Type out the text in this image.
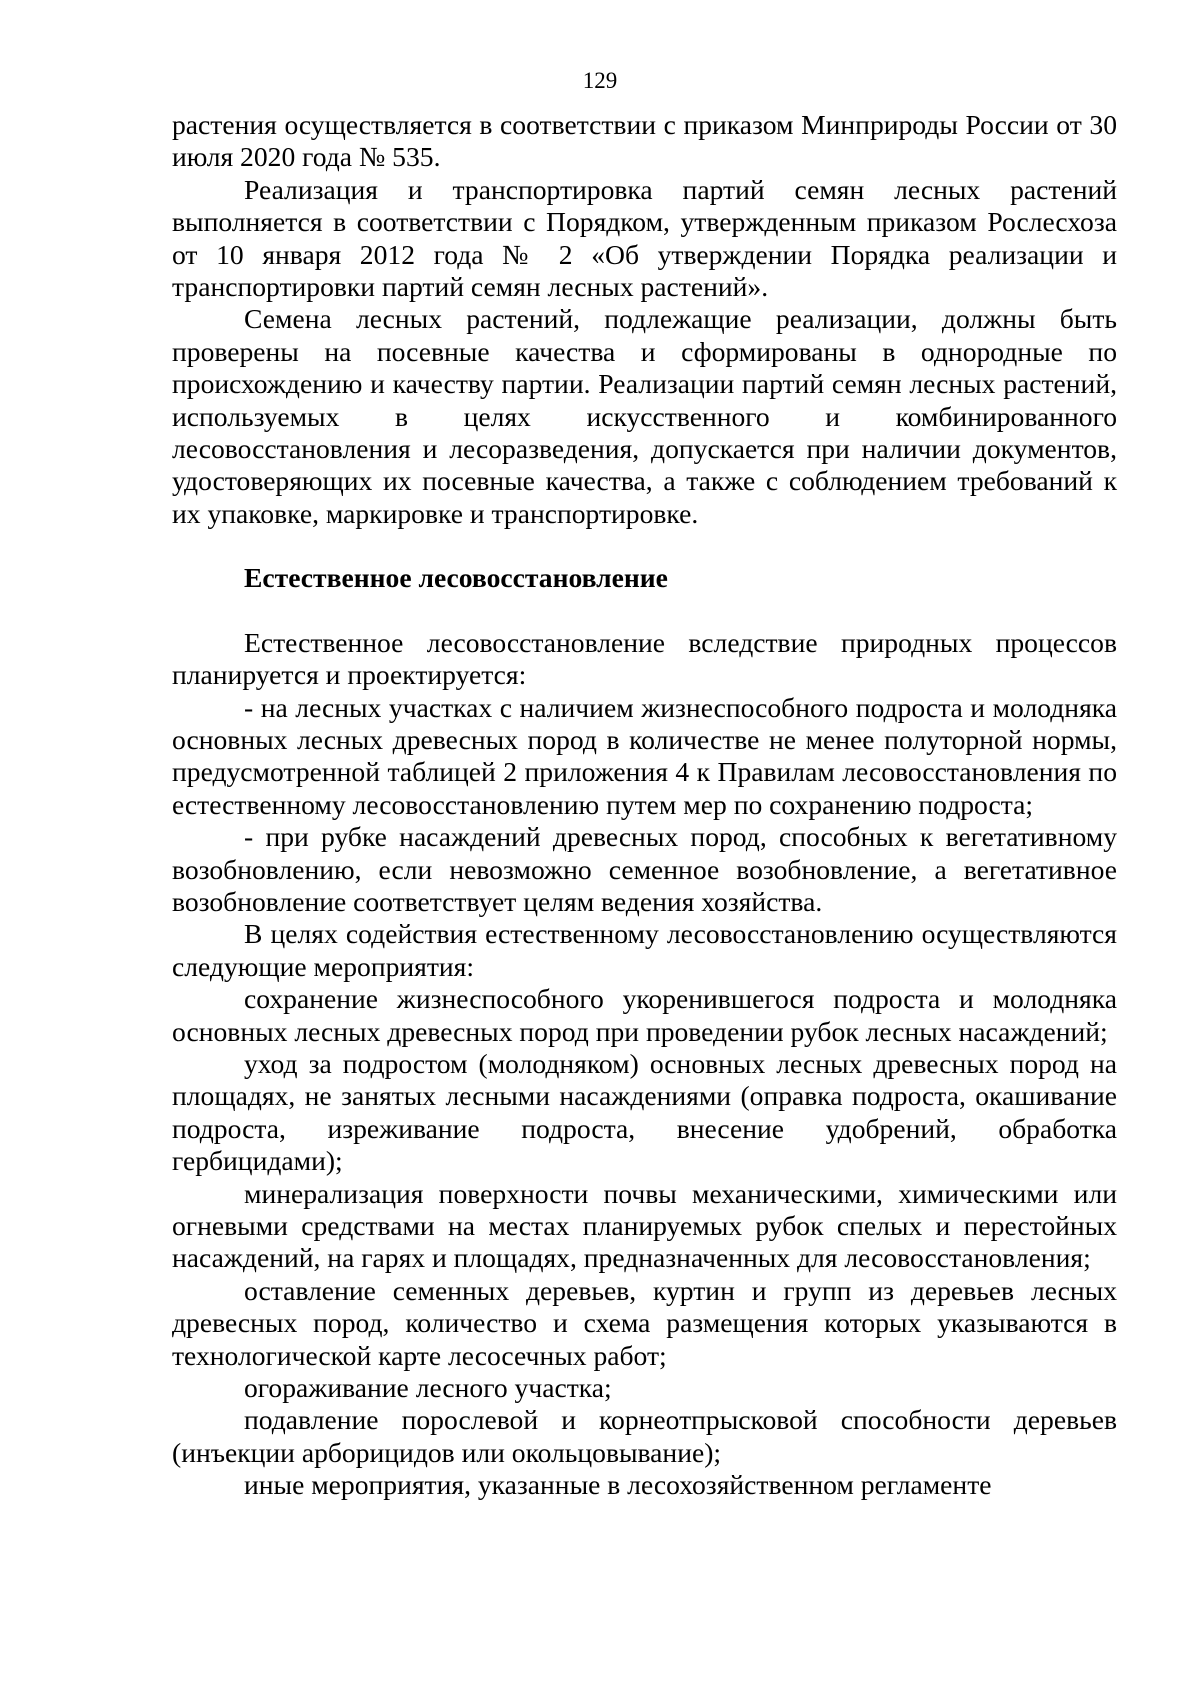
129

растения осуществляется в соответствии с приказом Минприроды России от 30 июля 2020 года № 535.

Реализация и транспортировка партий семян лесных растений выполняется в соответствии с Порядком, утвержденным приказом Рослесхоза от 10 января 2012 года № 2 «Об утверждении Порядка реализации и транспортировки партий семян лесных растений».

Семена лесных растений, подлежащие реализации, должны быть проверены на посевные качества и сформированы в однородные по происхождению и качеству партии. Реализации партий семян лесных растений, используемых в целях искусственного и комбинированного лесовосстановления и лесоразведения, допускается при наличии документов, удостоверяющих их посевные качества, а также с соблюдением требований к их упаковке, маркировке и транспортировке.

Естественное лесовосстановление

Естественное лесовосстановление вследствие природных процессов планируется и проектируется:

- на лесных участках с наличием жизнеспособного подроста и молодняка основных лесных древесных пород в количестве не менее полуторной нормы, предусмотренной таблицей 2 приложения 4 к Правилам лесовосстановления по естественному лесовосстановлению путем мер по сохранению подроста;

- при рубке насаждений древесных пород, способных к вегетативному возобновлению, если невозможно семенное возобновление, а вегетативное возобновление соответствует целям ведения хозяйства.

В целях содействия естественному лесовосстановлению осуществляются следующие мероприятия:

сохранение жизнеспособного укоренившегося подроста и молодняка основных лесных древесных пород при проведении рубок лесных насаждений;

уход за подростом (молодняком) основных лесных древесных пород на площадях, не занятых лесными насаждениями (оправка подроста, окашивание подроста, изреживание подроста, внесение удобрений, обработка гербицидами);

минерализация поверхности почвы механическими, химическими или огневыми средствами на местах планируемых рубок спелых и перестойных насаждений, на гарях и площадях, предназначенных для лесовосстановления;

оставление семенных деревьев, куртин и групп из деревьев лесных древесных пород, количество и схема размещения которых указываются в технологической карте лесосечных работ;

огораживание лесного участка;

подавление порослевой и корнеотпрысковой способности деревьев (инъекции арборицидов или окольцовывание);

иные мероприятия, указанные в лесохозяйственном регламенте
